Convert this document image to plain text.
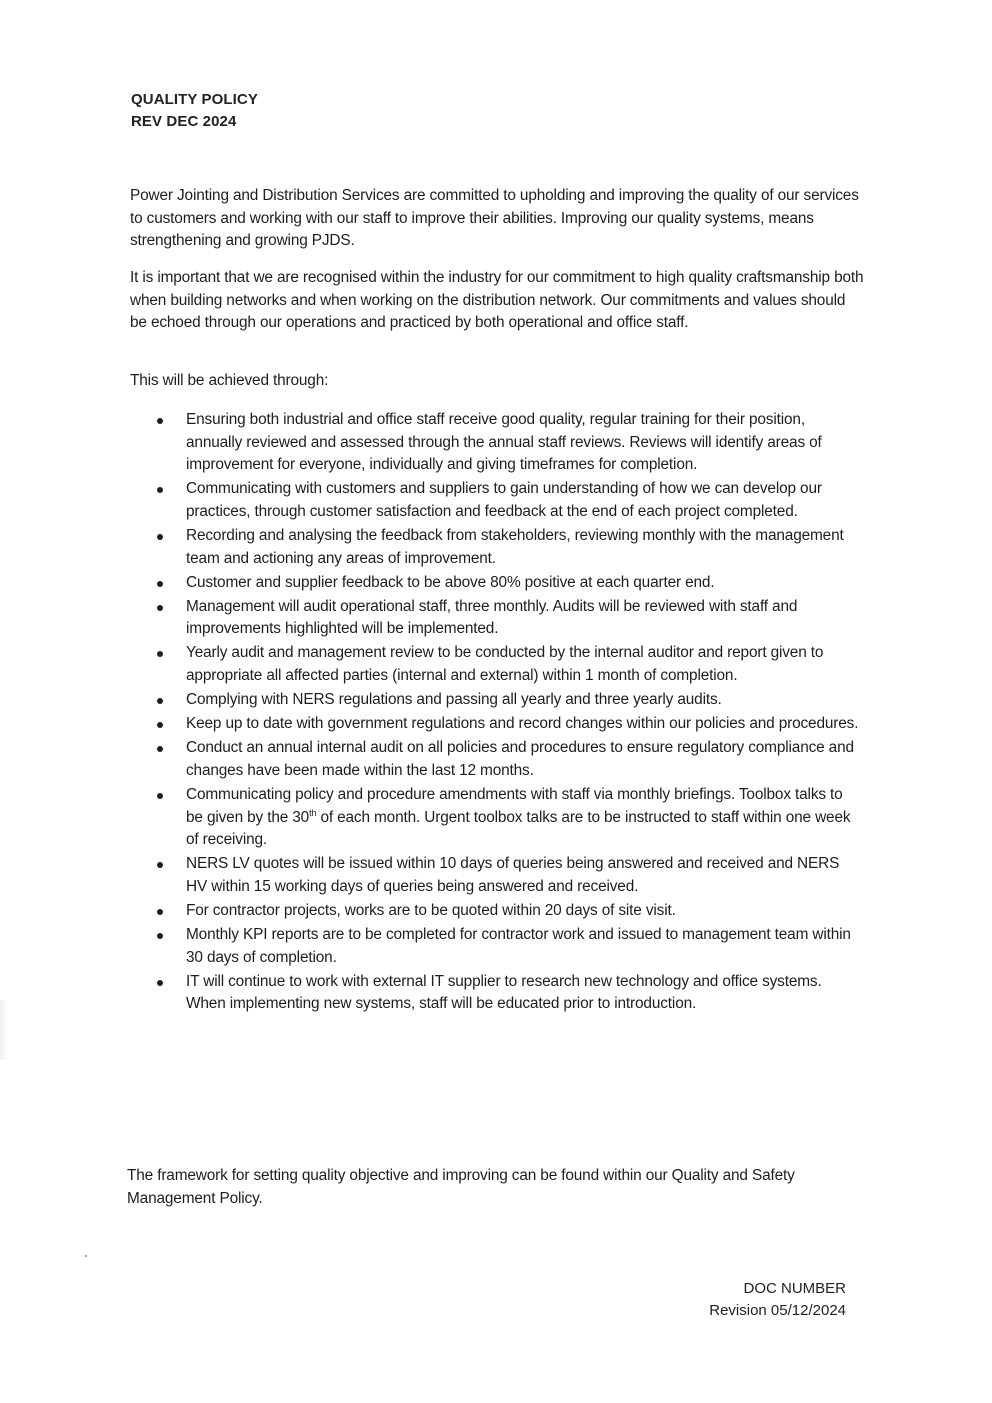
QUALITY POLICY
REV DEC 2024
Power Jointing and Distribution Services are committed to upholding and improving the quality of our services to customers and working with our staff to improve their abilities. Improving our quality systems, means strengthening and growing PJDS.
It is important that we are recognised within the industry for our commitment to high quality craftsmanship both when building networks and when working on the distribution network. Our commitments and values should be echoed through our operations and practiced by both operational and office staff.
This will be achieved through:
Ensuring both industrial and office staff receive good quality, regular training for their position, annually reviewed and assessed through the annual staff reviews. Reviews will identify areas of improvement for everyone, individually and giving timeframes for completion.
Communicating with customers and suppliers to gain understanding of how we can develop our practices, through customer satisfaction and feedback at the end of each project completed.
Recording and analysing the feedback from stakeholders, reviewing monthly with the management team and actioning any areas of improvement.
Customer and supplier feedback to be above 80% positive at each quarter end.
Management will audit operational staff, three monthly. Audits will be reviewed with staff and improvements highlighted will be implemented.
Yearly audit and management review to be conducted by the internal auditor and report given to appropriate all affected parties (internal and external) within 1 month of completion.
Complying with NERS regulations and passing all yearly and three yearly audits.
Keep up to date with government regulations and record changes within our policies and procedures.
Conduct an annual internal audit on all policies and procedures to ensure regulatory compliance and changes have been made within the last 12 months.
Communicating policy and procedure amendments with staff via monthly briefings. Toolbox talks to be given by the 30th of each month. Urgent toolbox talks are to be instructed to staff within one week of receiving.
NERS LV quotes will be issued within 10 days of queries being answered and received and NERS HV within 15 working days of queries being answered and received.
For contractor projects, works are to be quoted within 20 days of site visit.
Monthly KPI reports are to be completed for contractor work and issued to management team within 30 days of completion.
IT will continue to work with external IT supplier to research new technology and office systems. When implementing new systems, staff will be educated prior to introduction.
The framework for setting quality objective and improving can be found within our Quality and Safety Management Policy.
DOC NUMBER
Revision 05/12/2024
